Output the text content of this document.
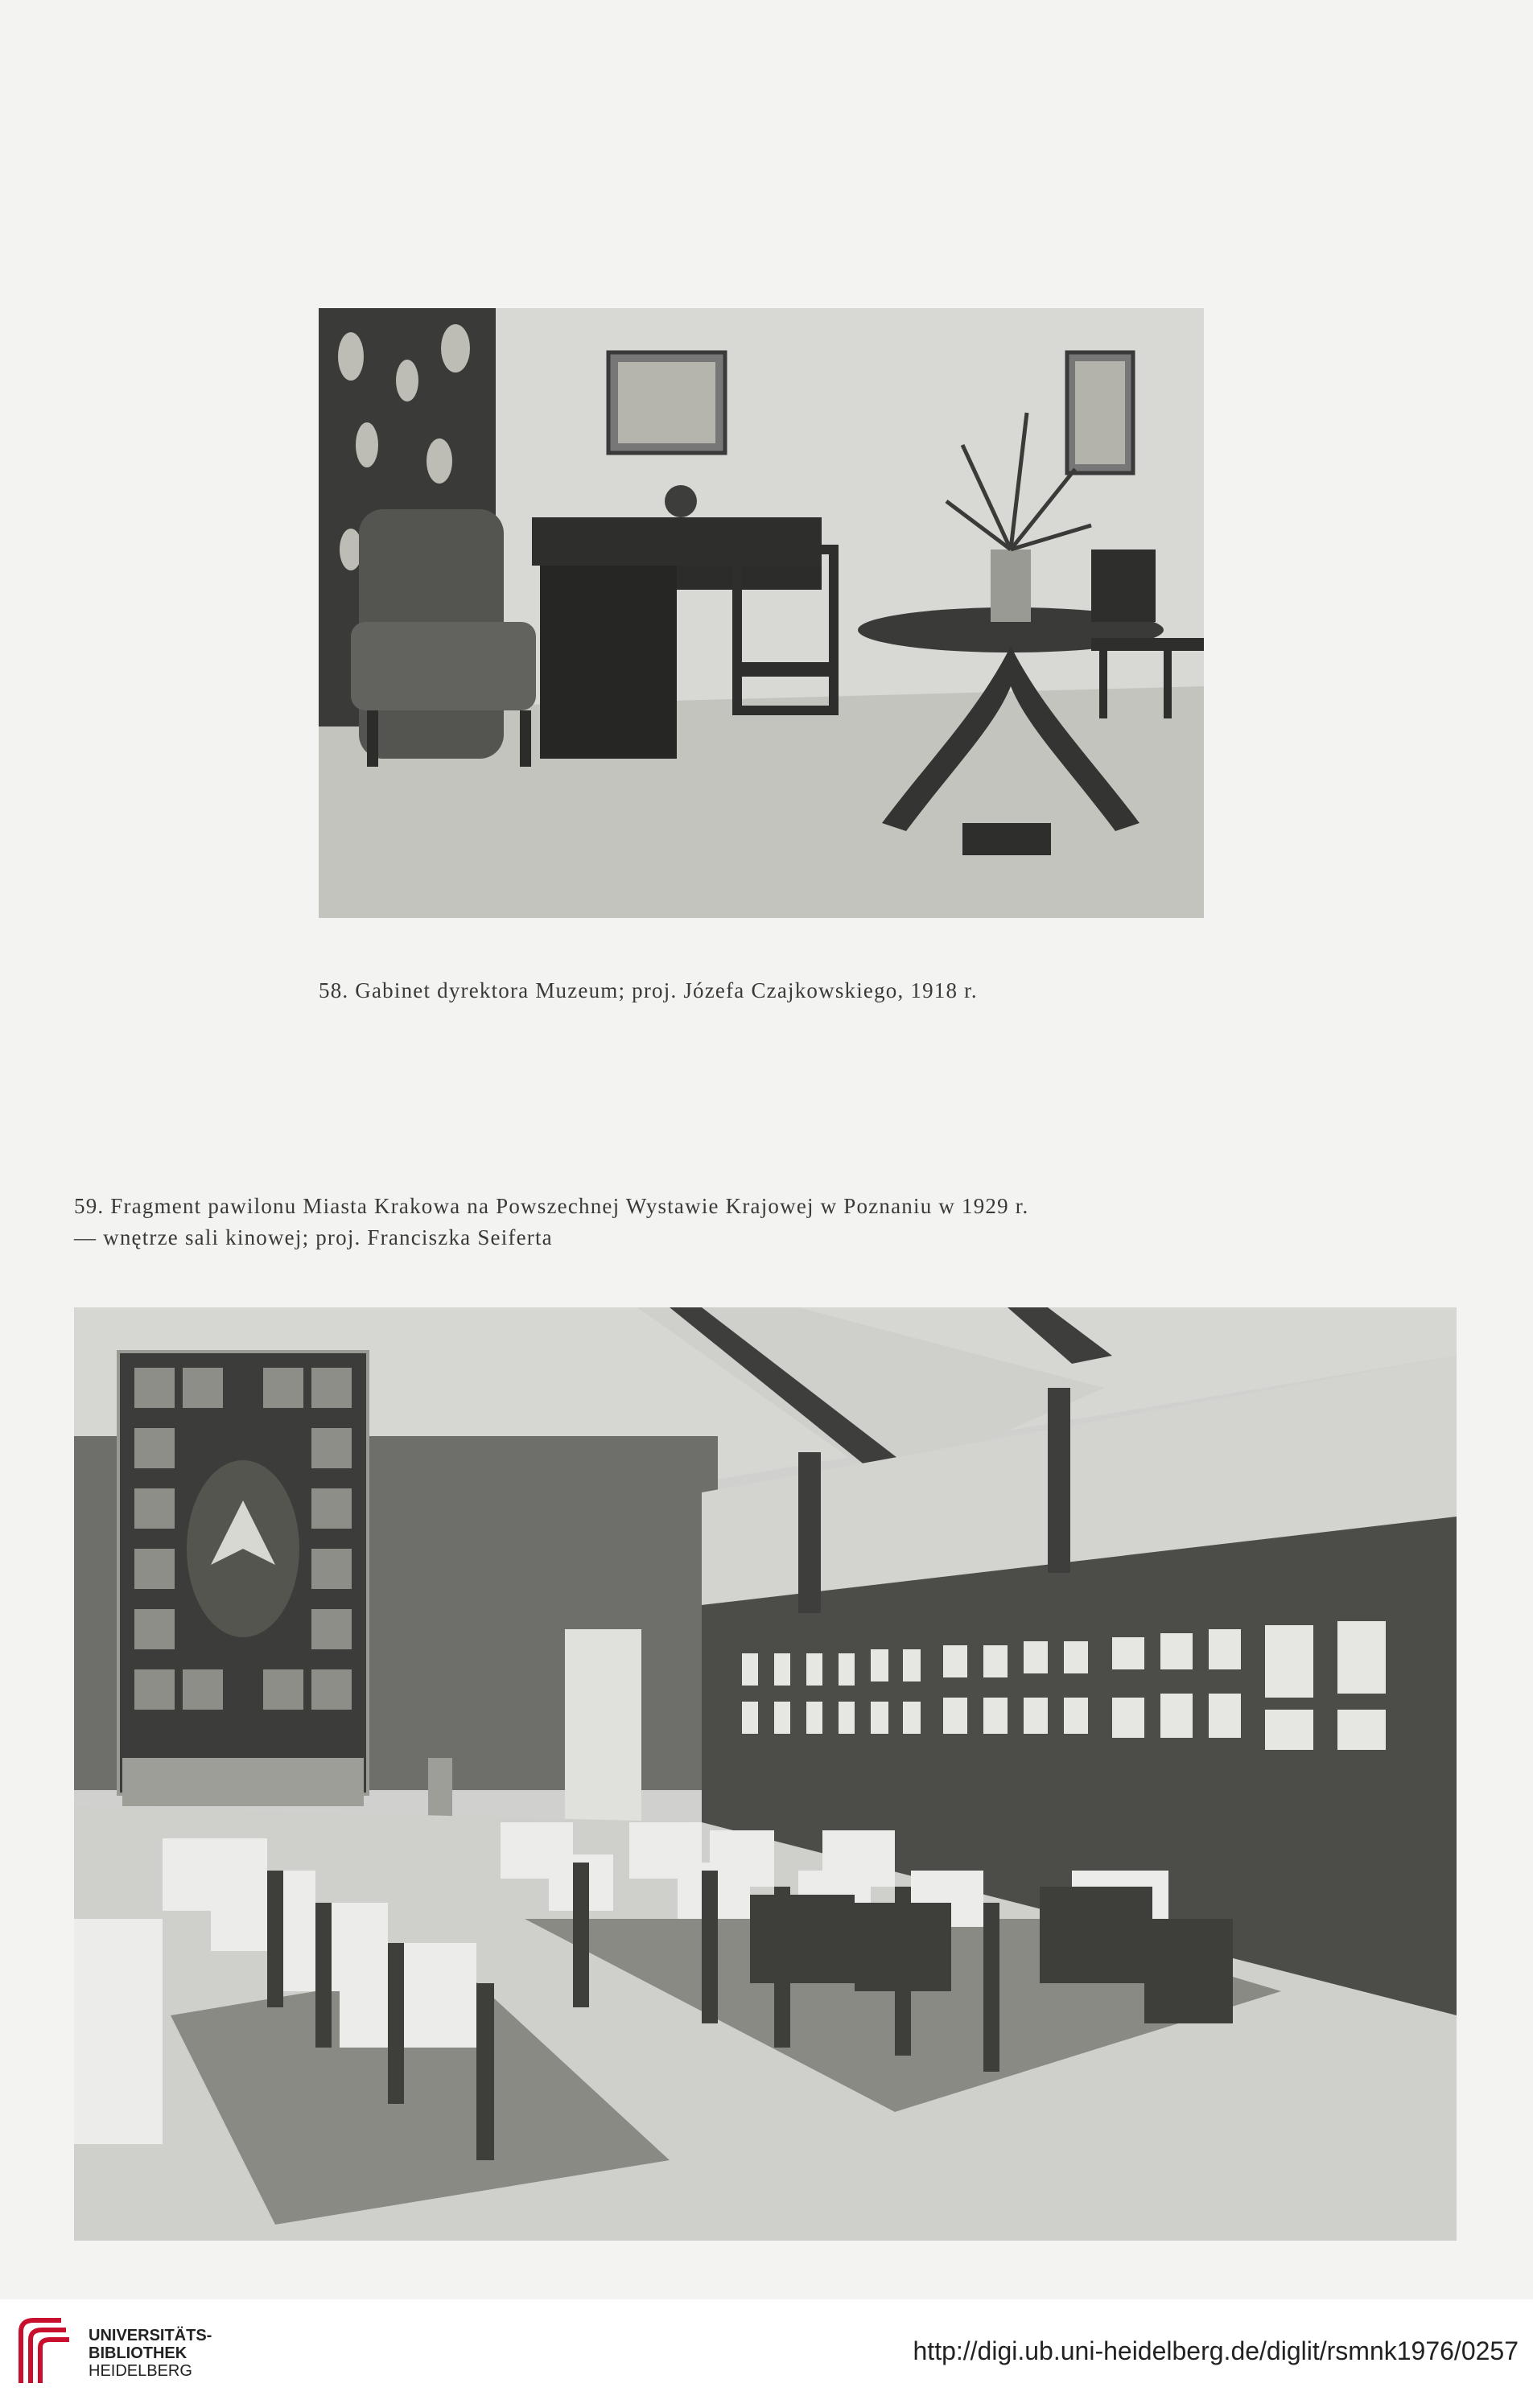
58. Gabinet dyrektora Muzeum; proj. Józefa Czajkowskiego, 1918 r.
59. Fragment pawilonu Miasta Krakowa na Powszechnej Wystawie Krajowej w Poznaniu w 1929 r.
— wnętrze sali kinowej; proj. Franciszka Seiferta
UNIVERSITÄTS-
BIBLIOTHEK
HEIDELBERG
http://digi.ub.uni-heidelberg.de/diglit/rsmnk1976/0257
